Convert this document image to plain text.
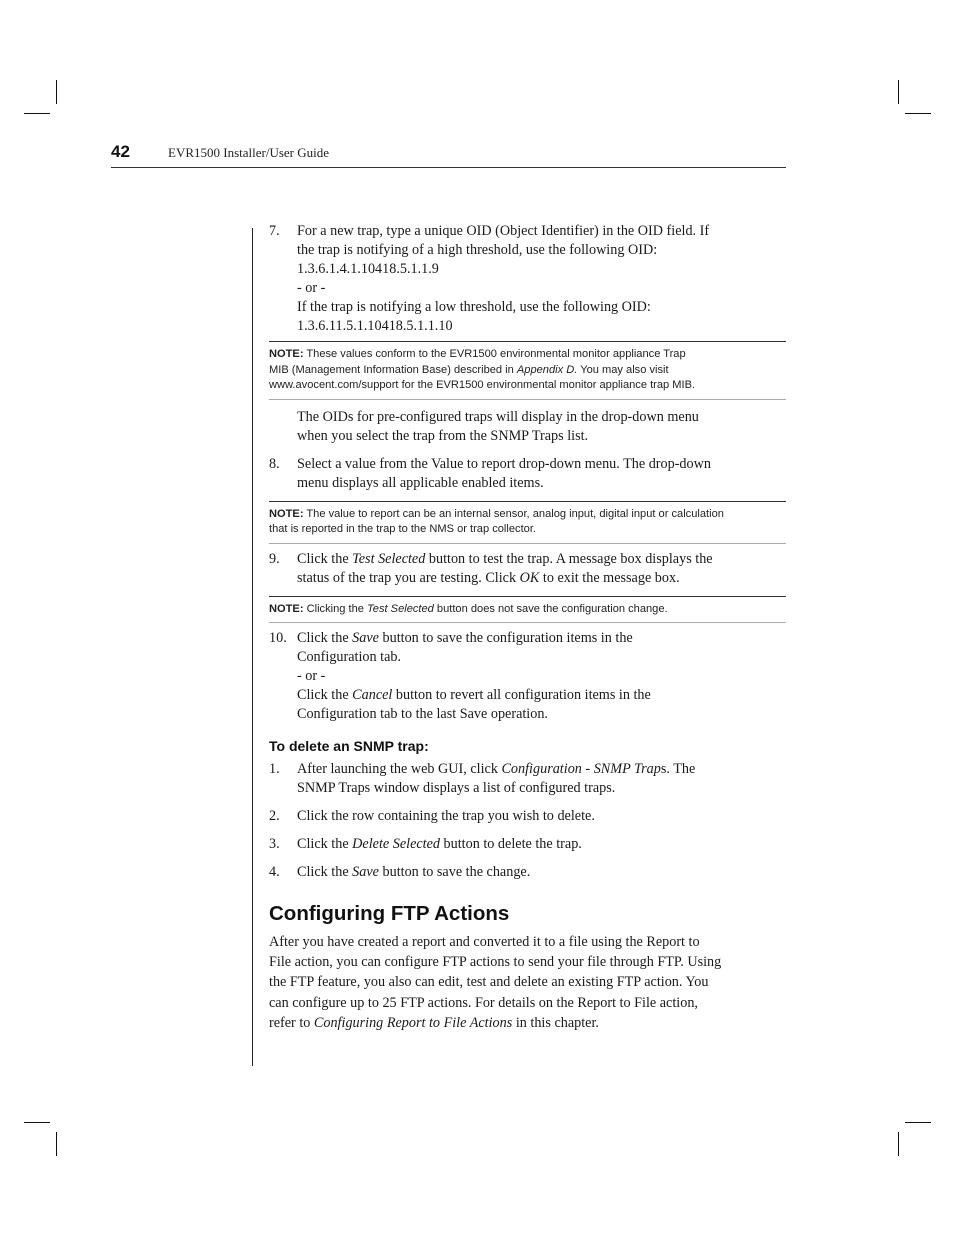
42	EVR1500 Installer/User Guide
7. For a new trap, type a unique OID (Object Identifier) in the OID field. If
the trap is notifying of a high threshold, use the following OID:
1.3.6.1.4.1.10418.5.1.1.9
- or -
If the trap is notifying a low threshold, use the following OID:
1.3.6.11.5.1.10418.5.1.1.10
NOTE: These values conform to the EVR1500 environmental monitor appliance Trap
MIB (Management Information Base) described in Appendix D. You may also visit
www.avocent.com/support for the EVR1500 environmental monitor appliance trap MIB.
The OIDs for pre-configured traps will display in the drop-down menu
when you select the trap from the SNMP Traps list.
8. Select a value from the Value to report drop-down menu. The drop-down
menu displays all applicable enabled items.
NOTE: The value to report can be an internal sensor, analog input, digital input or calculation
that is reported in the trap to the NMS or trap collector.
9. Click the Test Selected button to test the trap. A message box displays the
status of the trap you are testing. Click OK to exit the message box.
NOTE: Clicking the Test Selected button does not save the configuration change.
10. Click the Save button to save the configuration items in the
Configuration tab.
- or -
Click the Cancel button to revert all configuration items in the
Configuration tab to the last Save operation.
To delete an SNMP trap:
1. After launching the web GUI, click Configuration - SNMP Traps. The
SNMP Traps window displays a list of configured traps.
2. Click the row containing the trap you wish to delete.
3. Click the Delete Selected button to delete the trap.
4. Click the Save button to save the change.
Configuring FTP Actions
After you have created a report and converted it to a file using the Report to
File action, you can configure FTP actions to send your file through FTP. Using
the FTP feature, you also can edit, test and delete an existing FTP action. You
can configure up to 25 FTP actions. For details on the Report to File action,
refer to Configuring Report to File Actions in this chapter.
